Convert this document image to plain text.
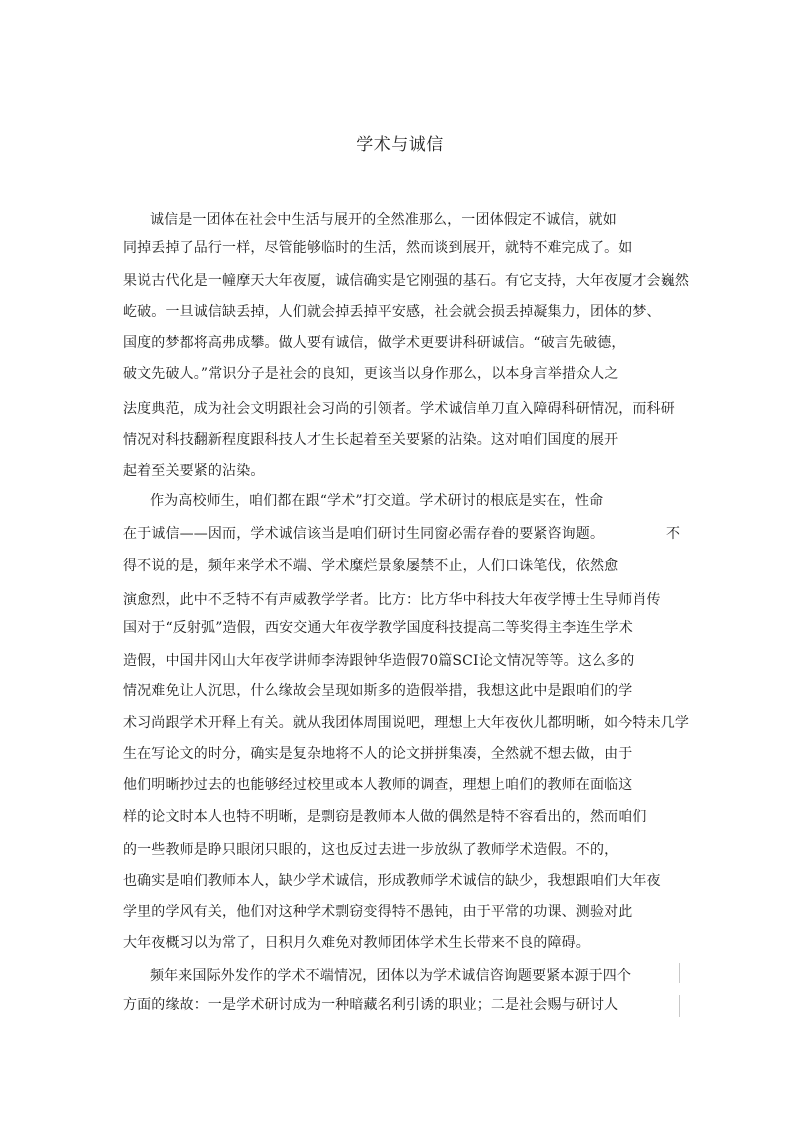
学术与诚信
诚信是一团体在社会中生活与展开的全然准那么，一团体假定不诚信，就如
同掉丢掉了品行一样，尽管能够临时的生活，然而谈到展开，就特不难完成了。如
果说古代化是一幢摩天大年夜厦，诚信确实是它刚强的基石。有它支持，大年夜厦才会巍然
屹破。一旦诚信缺丢掉，人们就会掉丢掉平安感，社会就会损丢掉凝集力，团体的梦、
国度的梦都将高弗成攀。做人要有诚信，做学术更要讲科研诚信。“破言先破德，
破文先破人。”常识分子是社会的良知，更该当以身作那么，以本身言举措众人之
法度典范，成为社会文明跟社会习尚的引领者。学术诚信单刀直入障碍科研情况，而科研
情况对科技翻新程度跟科技人才生长起着至关要紧的沾染。这对咱们国度的展开
起着至关要紧的沾染。
作为高校师生，咱们都在跟“学术”打交道。学术研讨的根底是实在，性命
在于诚信——因而，学术诚信该当是咱们研讨生同窗必需存眷的要紧咨询题。	不
得不说的是，频年来学术不端、学术糜烂景象屡禁不止，人们口诛笔伐，依然愈
演愈烈，此中不乏特不有声威教学学者。比方：比方华中科技大年夜学博士生导师肖传
国对于“反射弧”造假，西安交通大年夜学教学国度科技提高二等奖得主李连生学术
造假，中国井冈山大年夜学讲师李涛跟钟华造假70篇SCI论文情况等等。这么多的
情况难免让人沉思，什么缘故会呈现如斯多的造假举措，我想这此中是跟咱们的学
术习尚跟学术开释上有关。就从我团体周围说吧，理想上大年夜伙儿都明晰，如今特未几学
生在写论文的时分，确实是复杂地将不人的论文拼拼集凑，全然就不想去做，由于
他们明晰抄过去的也能够经过校里或本人教师的调查，理想上咱们的教师在面临这
样的论文时本人也特不明晰，是剽窃是教师本人做的偶然是特不容看出的，然而咱们
的一些教师是睁只眼闭只眼的，这也反过去进一步放纵了教师学术造假。不的，
也确实是咱们教师本人，缺少学术诚信，形成教师学术诚信的缺少，我想跟咱们大年夜
学里的学风有关，他们对这种学术剽窃变得特不愚钝，由于平常的功课、测验对此
大年夜概习以为常了，日积月久难免对教师团体学术生长带来不良的障碍。
频年来国际外发作的学术不端情况，团体以为学术诚信咨询题要紧本源于四个
方面的缘故：一是学术研讨成为一种暗藏名利引诱的职业；二是社会赐与研讨人
